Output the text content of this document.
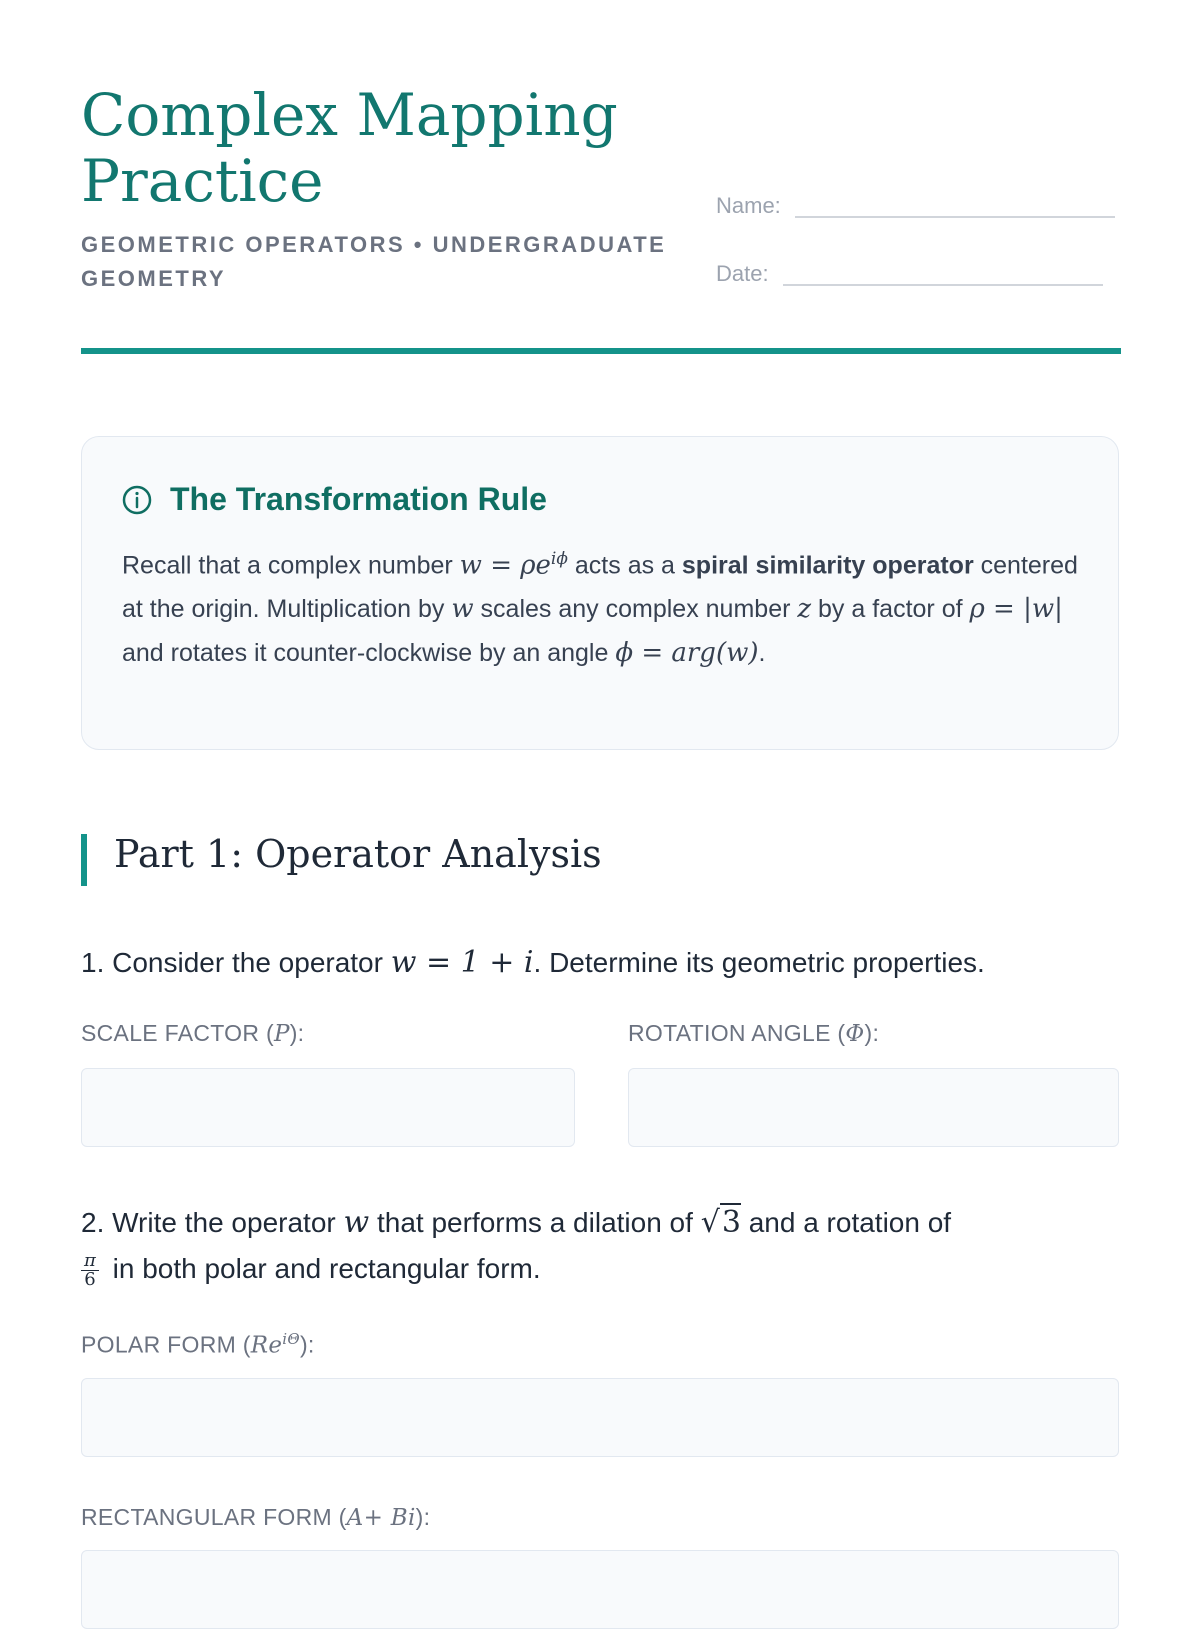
Complex Mapping Practice
GEOMETRIC OPERATORS • UNDERGRADUATE GEOMETRY
Name:
Date:
The Transformation Rule
Recall that a complex number $w = \rho e^{i\phi}$ acts as a spiral similarity operator centered at the origin. Multiplication by w scales any complex number z by a factor of ρ = |w| and rotates it counter-clockwise by an angle ϕ = arg(w).
Part 1: Operator Analysis
1. Consider the operator w = 1 + i. Determine its geometric properties.
SCALE FACTOR (P):	ROTATION ANGLE (Φ):
2. Write the operator w that performs a dilation of √3 and a rotation of

$\frac{\pi}{6}$ in both polar and rectangular form.
POLAR FORM $(Re^{i\Theta})$:
RECTANGULAR FORM (A+ Bi):
